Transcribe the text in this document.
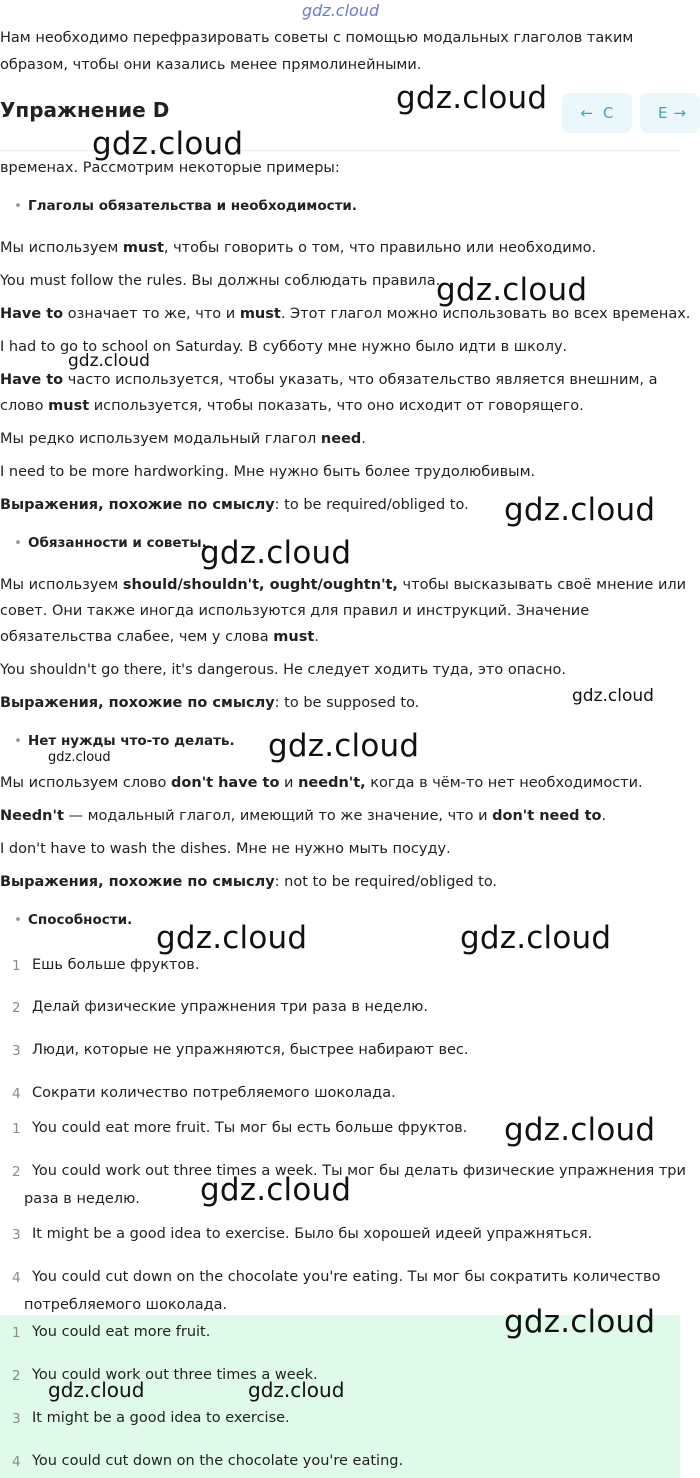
gdz.cloud
Нам необходимо перефразировать советы с помощью модальных глаголов таким
образом, чтобы они казались менее прямолинейными.
Упражнение D	← C	E →
временах. Рассмотрим некоторые примеры:
• Глаголы обязательства и необходимости.
Мы используем must, чтобы говорить о том, что правильно или необходимо.
You must follow the rules. Вы должны соблюдать правила.
Have to означает то же, что и must. Этот глагол можно использовать во всех временах.
I had to go to school on Saturday. В субботу мне нужно было идти в школу.
Have to часто используется, чтобы указать, что обязательство является внешним, а
слово must используется, чтобы показать, что оно исходит от говорящего.
Мы редко используем модальный глагол need.
I need to be more hardworking. Мне нужно быть более трудолюбивым.
Выражения, похожие по смыслу: to be required/obliged to.
• Обязанности и советы.
Мы используем should/shouldn't, ought/oughtn't, чтобы высказывать своё мнение или
совет. Они также иногда используются для правил и инструкций. Значение
обязательства слабее, чем у слова must.
You shouldn't go there, it's dangerous. Не следует ходить туда, это опасно.
Выражения, похожие по смыслу: to be supposed to.
• Нет нужды что-то делать.
Мы используем слово don't have to и needn't, когда в чём-то нет необходимости.
Needn't — модальный глагол, имеющий то же значение, что и don't need to.
I don't have to wash the dishes. Мне не нужно мыть посуду.
Выражения, похожие по смыслу: not to be required/obliged to.
• Способности.
1 Ешь больше фруктов.
2 Делай физические упражнения три раза в неделю.
3 Люди, которые не упражняются, быстрее набирают вес.
4 Сократи количество потребляемого шоколада.
1 You could eat more fruit. Ты мог бы есть больше фруктов.
2 You could work out three times a week. Ты мог бы делать физические упражнения три
раза в неделю.
3 It might be a good idea to exercise. Было бы хорошей идеей упражняться.
4 You could cut down on the chocolate you're eating. Ты мог бы сократить количество
потребляемого шоколада.
1 You could eat more fruit.
2 You could work out three times a week.
3 It might be a good idea to exercise.
4 You could cut down on the chocolate you're eating.
gdz.cloud
gdz.cloud
gdz.cloud
gdz.cloud
gdz.cloud
gdz.cloud
gdz.cloud
gdz.cloud
gdz.cloud
gdz.cloud	gdz.cloud
gdz.cloud
gdz.cloud
gdz.cloud
gdz.cloud	gdz.cloud
